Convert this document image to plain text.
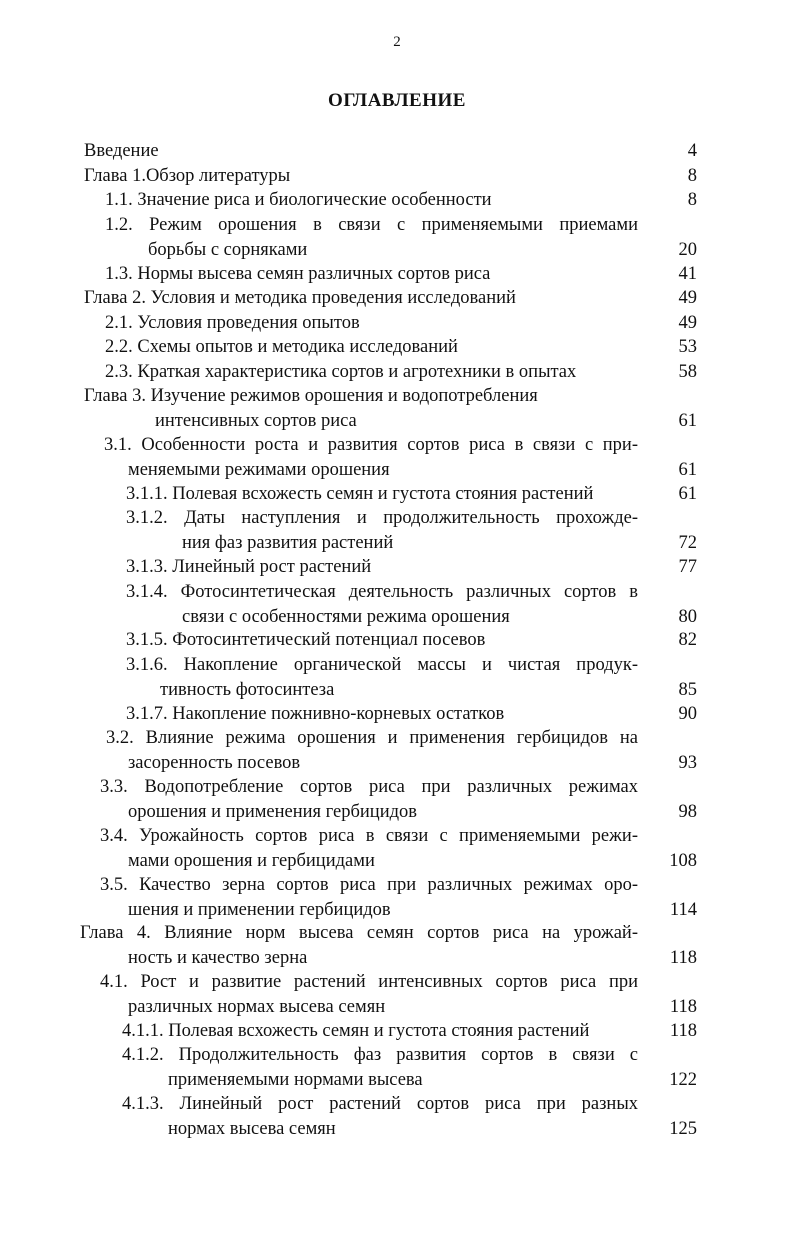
2
ОГЛАВЛЕНИЕ
Введение	4
Глава 1.Обзор литературы	8
1.1. Значение риса и биологические особенности	8
1.2. Режим орошения в связи с применяемыми приемами
борьбы с сорняками	20
1.3. Нормы высева семян различных сортов риса	41
Глава 2. Условия и методика проведения исследований	49
2.1. Условия проведения опытов	49
2.2. Схемы опытов и методика исследований	53
2.3. Краткая характеристика сортов и агротехники в опытах	58
Глава 3. Изучение режимов орошения и водопотребления
интенсивных сортов риса	61
3.1. Особенности роста и развития сортов риса в связи с при-
меняемыми режимами орошения	61
3.1.1. Полевая всхожесть семян и густота стояния растений	61
3.1.2. Даты наступления и продолжительность прохожде-
ния фаз развития растений	72
3.1.3. Линейный рост растений	77
3.1.4. Фотосинтетическая деятельность различных сортов в
связи с особенностями режима орошения	80
3.1.5. Фотосинтетический потенциал посевов	82
3.1.6. Накопление органической массы и чистая продук-
тивность фотосинтеза	85
3.1.7. Накопление пожнивно-корневых остатков	90
3.2. Влияние режима орошения и применения гербицидов на
засоренность посевов	93
3.3. Водопотребление сортов риса при различных режимах
орошения и применения гербицидов	98
3.4. Урожайность сортов риса в связи с применяемыми режи-
мами орошения и гербицидами	108
3.5. Качество зерна сортов риса при различных режимах оро-
шения и применении гербицидов	114
Глава 4. Влияние норм высева семян сортов риса на урожай-
ность и качество зерна	118
4.1. Рост и развитие растений интенсивных сортов риса при
различных нормах высева семян	118
4.1.1. Полевая всхожесть семян и густота стояния растений	118
4.1.2. Продолжительность фаз развития сортов в связи с
применяемыми нормами высева	122
4.1.3. Линейный рост растений сортов риса при разных
нормах высева семян	125
